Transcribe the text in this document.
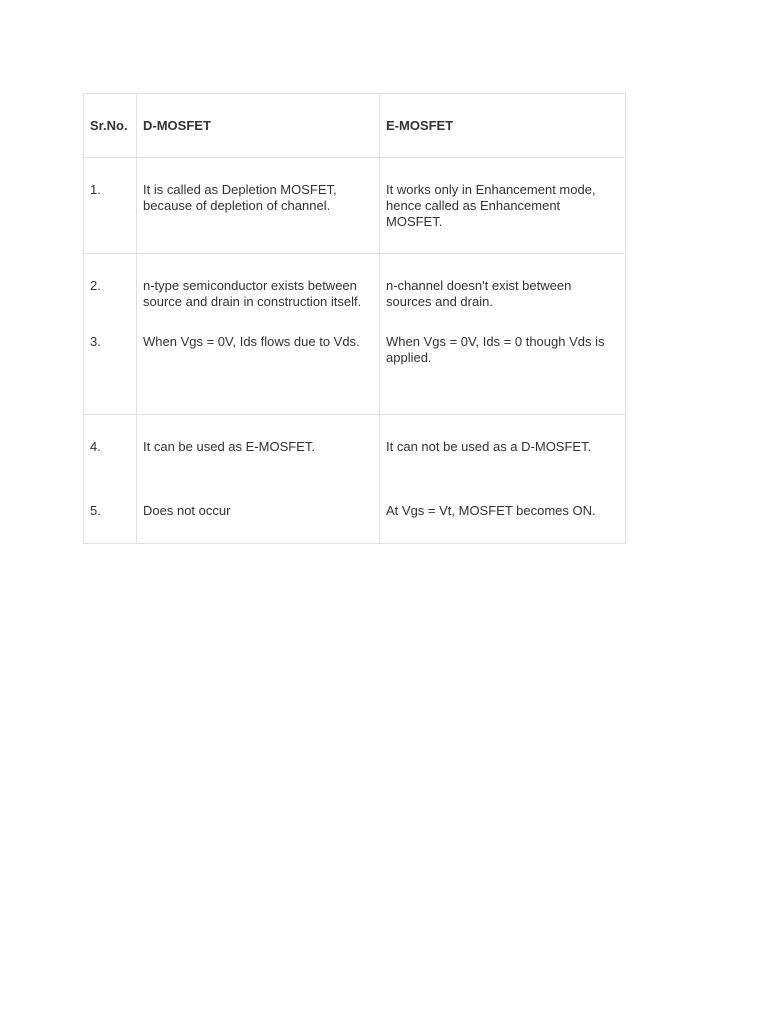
Sr.No.	D-MOSFET	E-MOSFET
1.	It is called as Depletion MOSFET, because of depletion of channel.	It works only in Enhancement mode, hence called as Enhancement MOSFET.
2.	n-type semiconductor exists between source and drain in construction itself.	n-channel doesn't exist between sources and drain.
3.	When Vgs = 0V, Ids flows due to Vds.	When Vgs = 0V, Ids = 0 though Vds is applied.
4.	It can be used as E-MOSFET.	It can not be used as a D-MOSFET.
5.	Does not occur	At Vgs = Vt, MOSFET becomes ON.
